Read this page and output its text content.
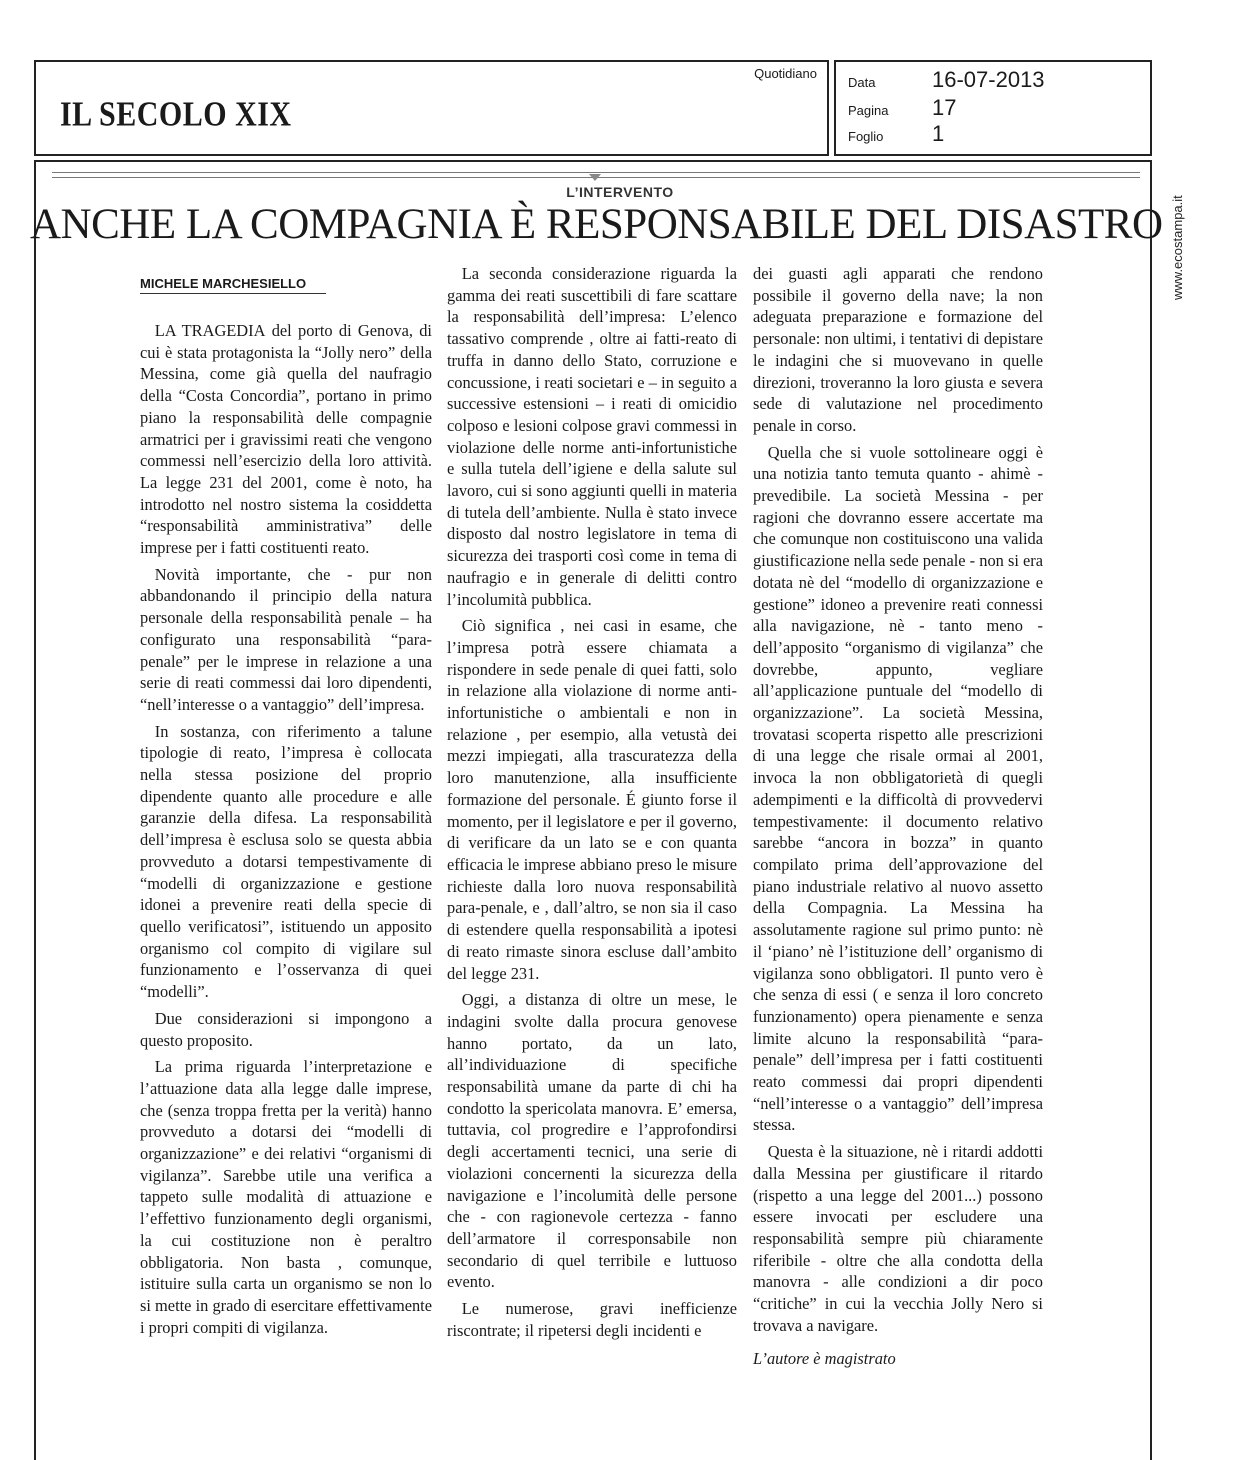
IL SECOLO XIX
Quotidiano
Data	16-07-2013
Pagina	17
Foglio	1
www.ecostampa.it
L’INTERVENTO
ANCHE LA COMPAGNIA È RESPONSABILE DEL DISASTRO
MICHELE MARCHESIELLO

LA TRAGEDIA del porto di Genova, di cui è stata protagonista la “Jolly nero” della Messina, come già quella del naufragio della “Costa Concordia”, portano in primo piano la responsabilità delle compagnie armatrici per i gravissimi reati che vengono commessi nell’esercizio della loro attività. La legge 231 del 2001, come è noto, ha introdotto nel nostro sistema la cosiddetta “responsabilità amministrativa” delle imprese per i fatti costituenti reato.

Novità importante, che - pur non abbandonando il principio della natura personale della responsabilità penale – ha configurato una responsabilità “para-penale” per le imprese in relazione a una serie di reati commessi dai loro dipendenti, “nell’interesse o a vantaggio” dell’impresa.

In sostanza, con riferimento a talune tipologie di reato, l’impresa è collocata nella stessa posizione del proprio dipendente quanto alle procedure e alle garanzie della difesa. La responsabilità dell’impresa è esclusa solo se questa abbia provveduto a dotarsi tempestivamente di “modelli di organizzazione e gestione idonei a prevenire reati della specie di quello verificatosi”, istituendo un apposito organismo col compito di vigilare sul funzionamento e l’osservanza di quei “modelli”.

Due considerazioni si impongono a questo proposito.

La prima riguarda l’interpretazione e l’attuazione data alla legge dalle imprese, che (senza troppa fretta per la verità) hanno provveduto a dotarsi dei “modelli di organizzazione” e dei relativi “organismi di vigilanza”. Sarebbe utile una verifica a tappeto sulle modalità di attuazione e l’effettivo funzionamento degli organismi, la cui costituzione non è peraltro obbligatoria. Non basta , comunque, istituire sulla carta un organismo se non lo si mette in grado di esercitare effettivamente i propri compiti di vigilanza.

La seconda considerazione riguarda la gamma dei reati suscettibili di fare scattare la responsabilità dell’impresa: L’elenco tassativo comprende , oltre ai fatti-reato di truffa in danno dello Stato, corruzione e concussione, i reati societari e – in seguito a successive estensioni – i reati di omicidio colposo e lesioni colpose gravi commessi in violazione delle norme anti-infortunistiche e sulla tutela dell’igiene e della salute sul lavoro, cui si sono aggiunti quelli in materia di tutela dell’ambiente. Nulla è stato invece disposto dal nostro legislatore in tema di sicurezza dei trasporti così come in tema di naufragio e in generale di delitti contro l’incolumità pubblica.

Ciò significa , nei casi in esame, che l’impresa potrà essere chiamata a rispondere in sede penale di quei fatti, solo in relazione alla violazione di norme anti- infortunistiche o ambientali e non in relazione , per esempio, alla vetustà dei mezzi impiegati, alla trascuratezza della loro manutenzione, alla insufficiente formazione del personale. É giunto forse il momento, per il legislatore e per il governo, di verificare da un lato se e con quanta efficacia le imprese abbiano preso le misure richieste dalla loro nuova responsabilità para-penale, e , dall’altro, se non sia il caso di estendere quella responsabilità a ipotesi di reato rimaste sinora escluse dall’ambito del legge 231.

Oggi, a distanza di oltre un mese, le indagini svolte dalla procura genovese hanno portato, da un lato, all’individuazione di specifiche responsabilità umane da parte di chi ha condotto la spericolata manovra. E’ emersa, tuttavia, col progredire e l’approfondirsi degli accertamenti tecnici, una serie di violazioni concernenti la sicurezza della navigazione e l’incolumità delle persone che - con ragionevole certezza - fanno dell’armatore il corresponsabile non secondario di quel terribile e luttuoso evento.

Le numerose, gravi inefficienze riscontrate; il ripetersi degli incidenti e

dei guasti agli apparati che rendono possibile il governo della nave; la non adeguata preparazione e formazione del personale: non ultimi, i tentativi di depistare le indagini che si muovevano in quelle direzioni, troveranno la loro giusta e severa sede di valutazione nel procedimento penale in corso.

Quella che si vuole sottolineare oggi è una notizia tanto temuta quanto - ahimè - prevedibile. La società Messina - per ragioni che dovranno essere accertate ma che comunque non costituiscono una valida giustificazione nella sede penale - non si era dotata nè del “modello di organizzazione e gestione” idoneo a prevenire reati connessi alla navigazione, nè - tanto meno - dell’apposito “organismo di vigilanza” che dovrebbe, appunto, vegliare all’applicazione puntuale del “modello di organizzazione”. La società Messina, trovatasi scoperta rispetto alle prescrizioni di una legge che risale ormai al 2001, invoca la non obbligatorietà di quegli adempimenti e la difficoltà di provvedervi tempestivamente: il documento relativo sarebbe “ancora in bozza” in quanto compilato prima dell’approvazione del piano industriale relativo al nuovo assetto della Compagnia. La Messina ha assolutamente ragione sul primo punto: nè il ‘piano’ nè l’istituzione dell’ organismo di vigilanza sono obbligatori. Il punto vero è che senza di essi ( e senza il loro concreto funzionamento) opera pienamente e senza limite alcuno la responsabilità “para-penale” dell’impresa per i fatti costituenti reato commessi dai propri dipendenti “nell’interesse o a vantaggio” dell’impresa stessa.

Questa è la situazione, nè i ritardi addotti dalla Messina per giustificare il ritardo (rispetto a una legge del 2001...) possono essere invocati per escludere una responsabilità sempre più chiaramente riferibile - oltre che alla condotta della manovra - alle condizioni a dir poco “critiche” in cui la vecchia Jolly Nero si trovava a navigare.

L’autore è magistrato
